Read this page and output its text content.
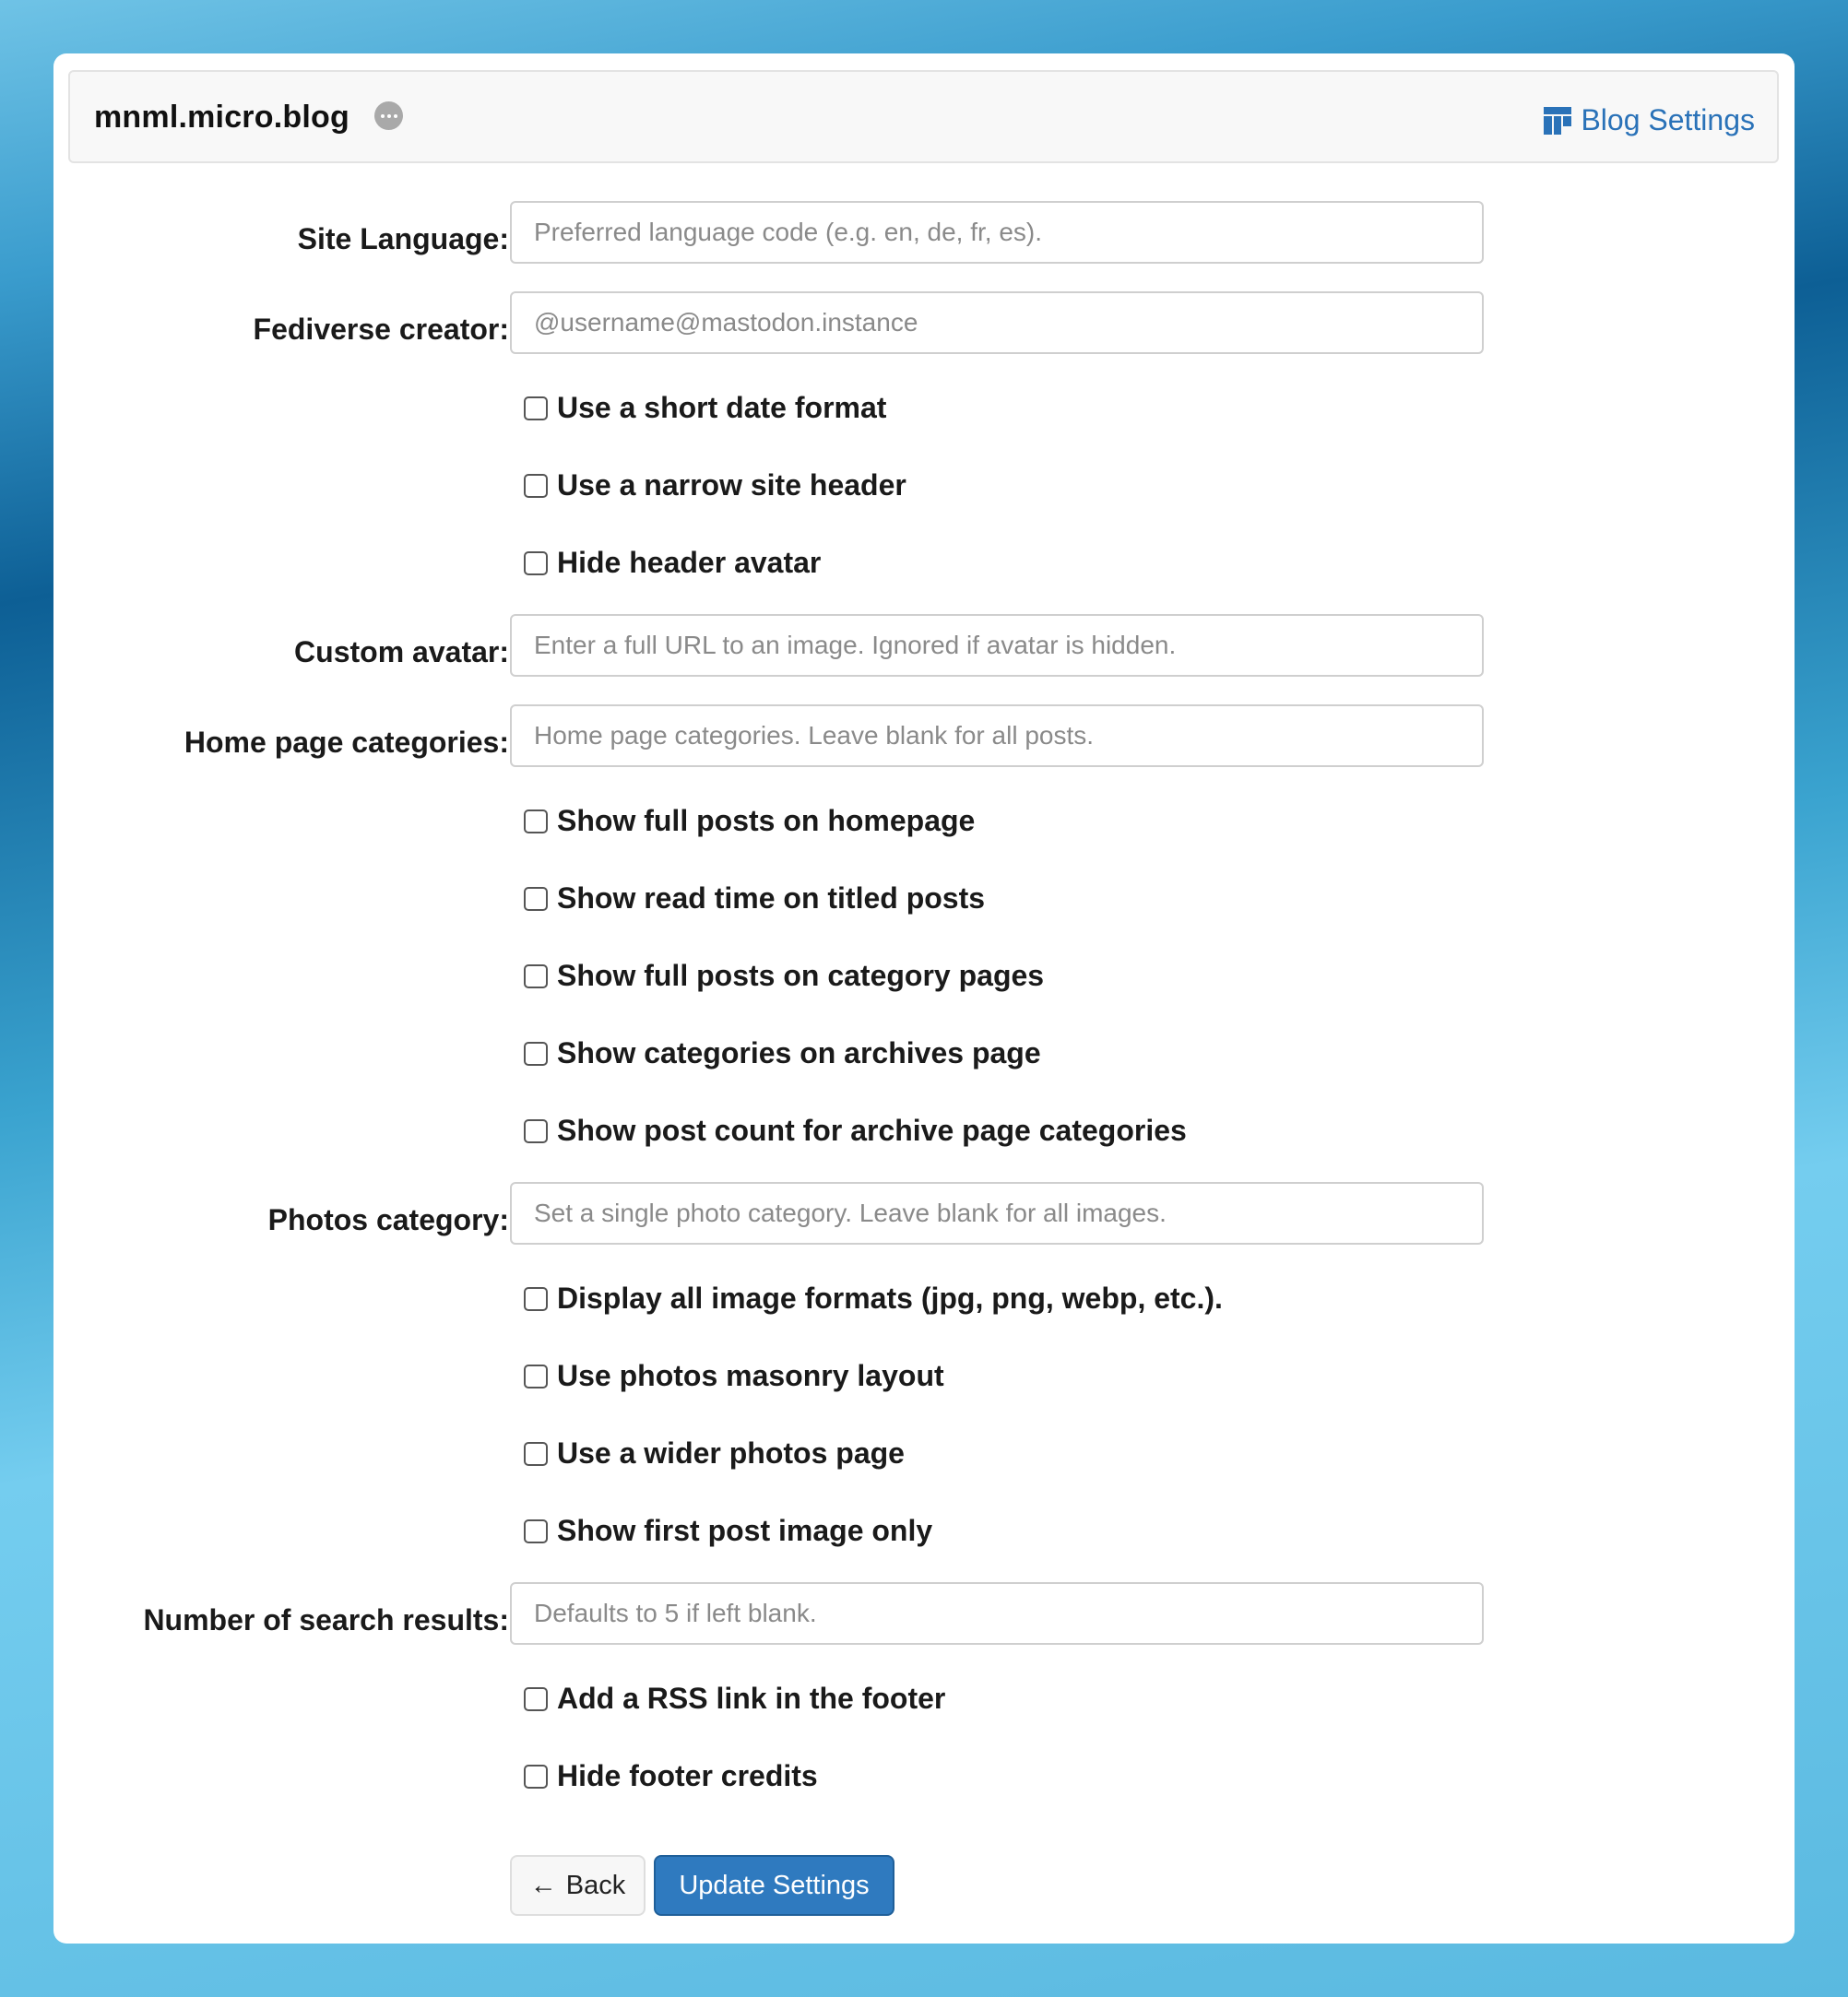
mnml.micro.blog	Blog Settings
Site Language:
Preferred language code (e.g. en, de, fr, es).
Fediverse creator:
@username@mastodon.instance
Use a short date format
Use a narrow site header
Hide header avatar
Custom avatar:
Enter a full URL to an image. Ignored if avatar is hidden.
Home page categories:
Home page categories. Leave blank for all posts.
Show full posts on homepage
Show read time on titled posts
Show full posts on category pages
Show categories on archives page
Show post count for archive page categories
Photos category:
Set a single photo category. Leave blank for all images.
Display all image formats (jpg, png, webp, etc.).
Use photos masonry layout
Use a wider photos page
Show first post image only
Number of search results:
Defaults to 5 if left blank.
Add a RSS link in the footer
Hide footer credits
← Back	Update Settings
